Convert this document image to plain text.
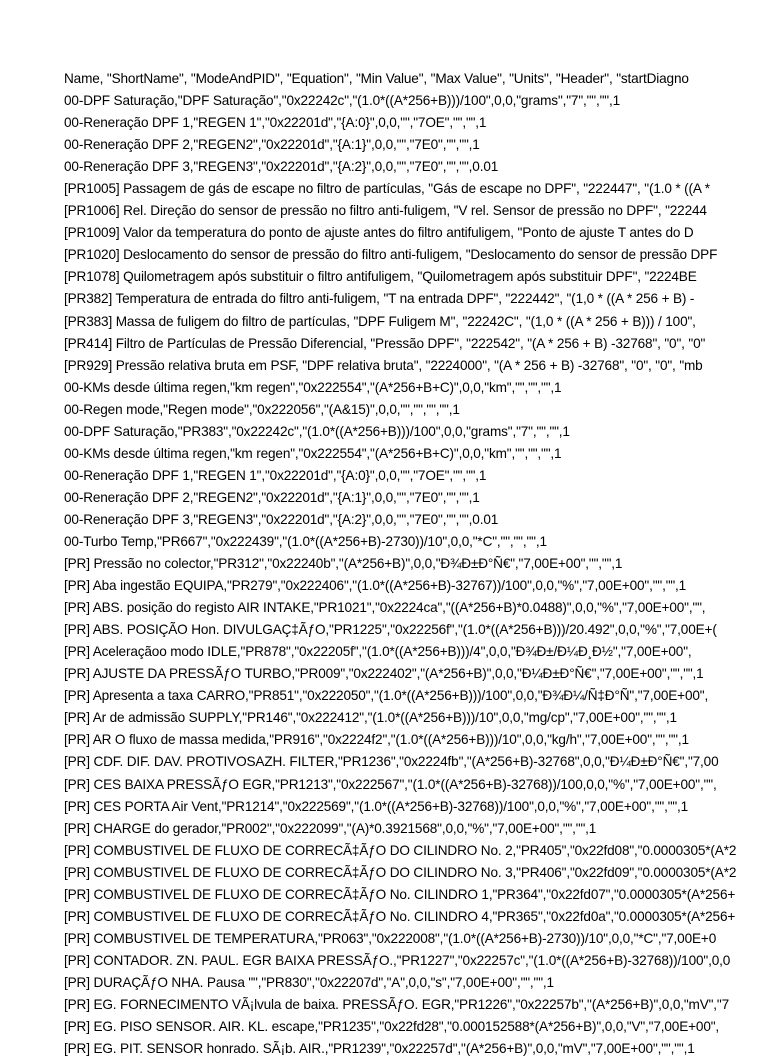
Name, "ShortName", "ModeAndPID", "Equation", "Min Value", "Max Value", "Units", "Header", "startDiagno
00-DPF Saturação,"DPF Saturação","0x22242c","(1.0*((A*256+B)))/100",0,0,"grams","7","","",1
00-Reneração DPF 1,"REGEN 1","0x22201d","{A:0}",0,0,"","7OE","","",1
00-Reneração DPF 2,"REGEN2","0x22201d","{A:1}",0,0,"","7E0","","",1
00-Reneração DPF 3,"REGEN3","0x22201d","{A:2}",0,0,"","7E0","","",0.01
[PR1005] Passagem de gás de escape no filtro de partículas, "Gás de escape no DPF", "222447", "(1.0 * ((A *
[PR1006] Rel. Direção do sensor de pressão no filtro anti-fuligem, "V rel. Sensor de pressão no DPF", "22244
[PR1009] Valor da temperatura do ponto de ajuste antes do filtro antifuligem, "Ponto de ajuste T antes do D
[PR1020] Deslocamento do sensor de pressão do filtro anti-fuligem, "Deslocamento do sensor de pressão DPF
[PR1078] Quilometragem após substituir o filtro antifuligem, "Quilometragem após substituir DPF", "2224BE
[PR382] Temperatura de entrada do filtro anti-fuligem, "T na entrada DPF", "222442", "(1,0 * ((A * 256 + B) -
[PR383] Massa de fuligem do filtro de partículas, "DPF Fuligem M", "22242C", "(1,0 * ((A * 256 + B))) / 100",
[PR414] Filtro de Partículas de Pressão Diferencial, "Pressão DPF", "222542", "(A * 256 + B) -32768", "0", "0"
[PR929] Pressão relativa bruta em PSF, "DPF relativa bruta", "2224000", "(A * 256 + B) -32768", "0", "0", "mb
00-KMs desde última regen,"km regen","0x222554","(A*256+B+C)",0,0,"km","","","",1
00-Regen mode,"Regen mode","0x222056","(A&15)",0,0,"","","","",1
00-DPF Saturação,"PR383","0x22242c","(1.0*((A*256+B)))/100",0,0,"grams","7","","",1
00-KMs desde última regen,"km regen","0x222554","(A*256+B+C)",0,0,"km","","","",1
00-Reneração DPF 1,"REGEN 1","0x22201d","{A:0}",0,0,"","7OE","","",1
00-Reneração DPF 2,"REGEN2","0x22201d","{A:1}",0,0,"","7E0","","",1
00-Reneração DPF 3,"REGEN3","0x22201d","{A:2}",0,0,"","7E0","","",0.01
00-Turbo Temp,"PR667","0x222439","(1.0*((A*256+B)-2730))/10",0,0,"*C","","","",1
[PR] Pressão no colector,"PR312","0x22240b","(A*256+B)",0,0,"Ð¾Ð±Ð°Ñ€","7,00E+00","","",1
[PR] Aba ingestão EQUIPA,"PR279","0x222406","(1.0*((A*256+B)-32767))/100",0,0,"%","7,00E+00","","",1
[PR] ABS. posição do registo AIR INTAKE,"PR1021","0x2224ca","((A*256+B)*0.0488)",0,0,"%","7,00E+00","",
[PR] ABS. POSIÇÃO Hon. DIVULGAÇ‡ÃƒO,"PR1225","0x22256f","(1.0*((A*256+B)))/20.492",0,0,"%","7,00E+(
[PR] Aceleraçãoo modo IDLE,"PR878","0x22205f","(1.0*((A*256+B)))/4",0,0,"Ð¾Ð±/Ð¼Ð¸Ð½","7,00E+00",
[PR] AJUSTE DA PRESSÃƒO TURBO,"PR009","0x222402","(A*256+B)",0,0,"Ð¼Ð±Ð°Ñ€","7,00E+00","","",1
[PR] Apresenta a taxa CARRO,"PR851","0x222050","(1.0*((A*256+B)))/100",0,0,"Ð¾Ð¼/Ñ‡Ð°Ñ","7,00E+00",
[PR] Ar de admissão SUPPLY,"PR146","0x222412","(1.0*((A*256+B)))/10",0,0,"mg/cp","7,00E+00","","",1
[PR] AR O fluxo de massa medida,"PR916","0x2224f2","(1.0*((A*256+B)))/10",0,0,"kg/h","7,00E+00","","",1
[PR] CDF. DIF. DAV. PROTIVOSAZH. FILTER,"PR1236","0x2224fb","(A*256+B)-32768",0,0,"Ð¼Ð±Ð°Ñ€","7,00
[PR] CES BAIXA PRESSÃƒO EGR,"PR1213","0x222567","(1.0*((A*256+B)-32768))/100,0,0,"%","7,00E+00","",
[PR] CES PORTA Air Vent,"PR1214","0x222569","(1.0*((A*256+B)-32768))/100",0,0,"%","7,00E+00","","",1
[PR] CHARGE do gerador,"PR002","0x222099","(A)*0.3921568",0,0,"%","7,00E+00","","",1
[PR] COMBUSTIVEL DE FLUXO DE CORRECÃ‡ÃƒO DO CILINDRO No. 2,"PR405","0x22fd08","0.0000305*(A*2
[PR] COMBUSTIVEL DE FLUXO DE CORRECÃ‡ÃƒO DO CILINDRO No. 3,"PR406","0x22fd09","0.0000305*(A*2
[PR] COMBUSTIVEL DE FLUXO DE CORRECÃ‡ÃƒO No. CILINDRO 1,"PR364","0x22fd07","0.0000305*(A*256+
[PR] COMBUSTIVEL DE FLUXO DE CORRECÃ‡ÃƒO No. CILINDRO 4,"PR365","0x22fd0a","0.0000305*(A*256+
[PR] COMBUSTIVEL DE TEMPERATURA,"PR063","0x222008","(1.0*((A*256+B)-2730))/10",0,0,"*C","7,00E+0
[PR] CONTADOR. ZN. PAUL. EGR BAIXA PRESSÃƒO.,"PR1227","0x22257c","(1.0*((A*256+B)-32768))/100",0,0
[PR] DURAÇÃƒO NHA. Pausa "","PR830","0x22207d","A",0,0,"s","7,00E+00","","",1
[PR] EG. FORNECIMENTO VÃ¡lvula de baixa. PRESSÃƒO. EGR,"PR1226","0x22257b","(A*256+B)",0,0,"mV","7
[PR] EG. PISO SENSOR. AIR. KL. escape,"PR1235","0x22fd28","0.000152588*(A*256+B)",0,0,"V","7,00E+00",
[PR] EG. PIT. SENSOR honrado. SÃ¡b. AIR.,"PR1239","0x22257d","(A*256+B)",0,0,"mV","7,00E+00","","",1
